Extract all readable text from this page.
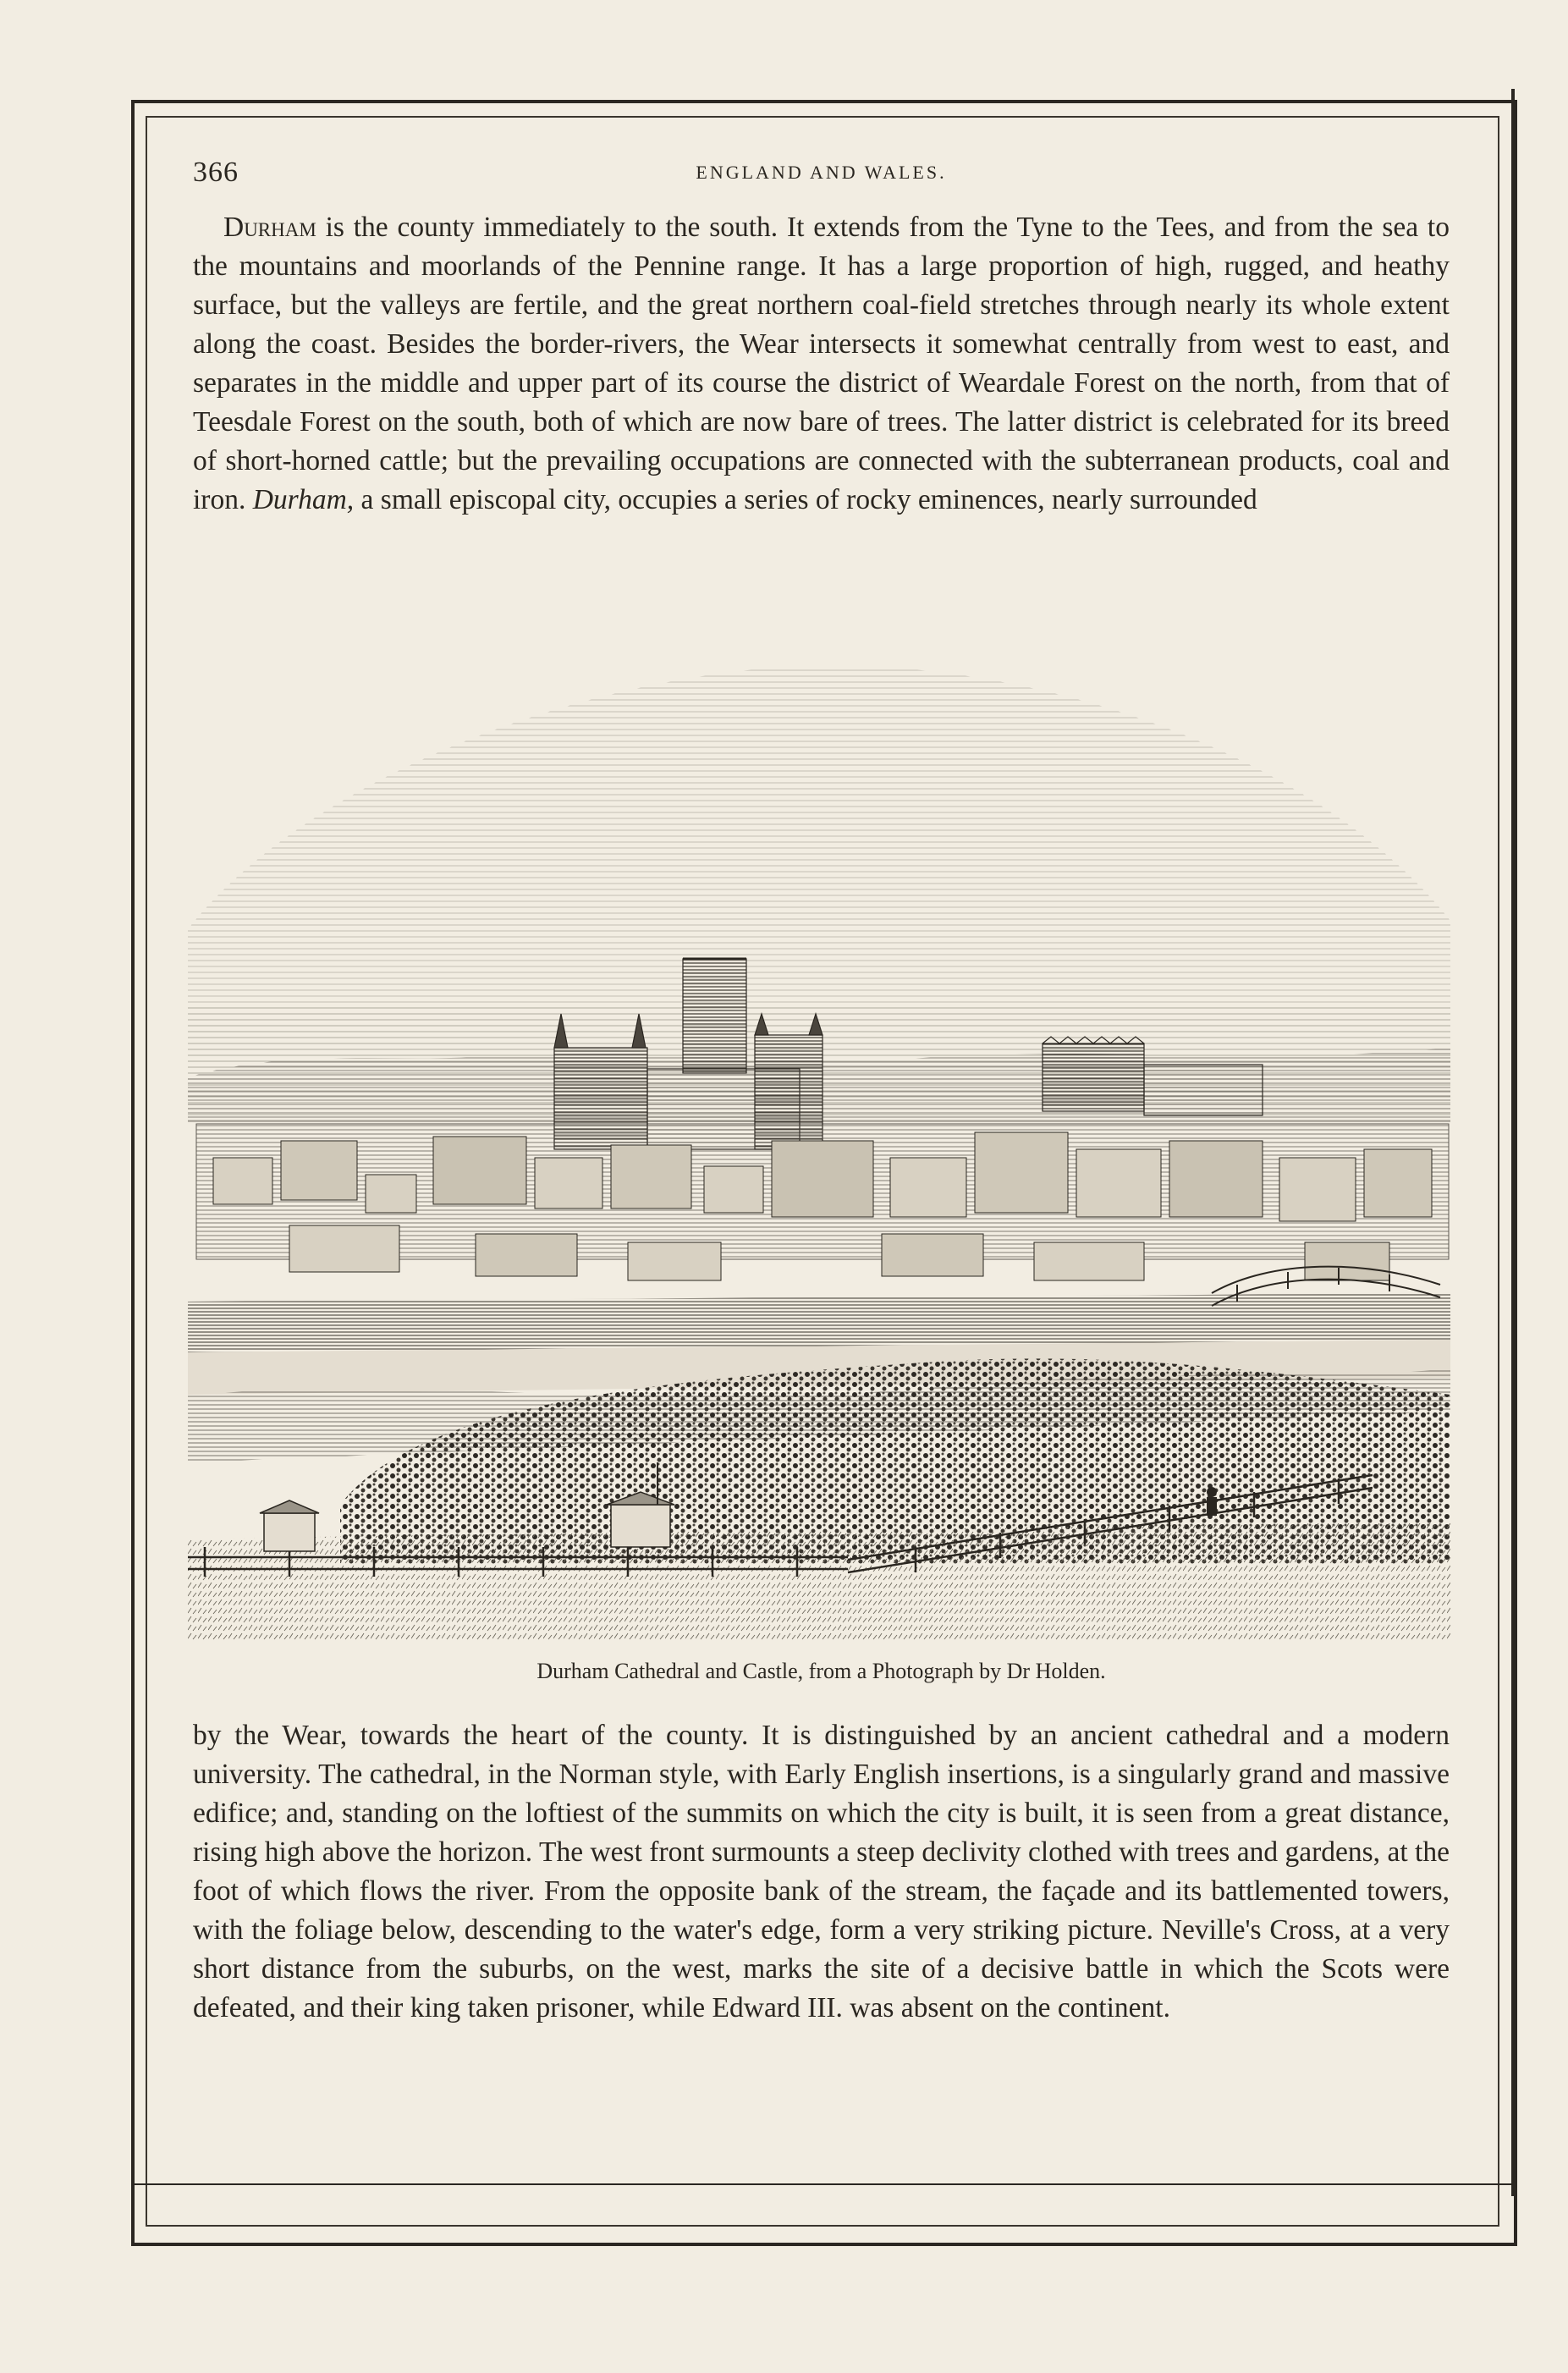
366	ENGLAND AND WALES.

Durham is the county immediately to the south. It extends from the Tyne to the Tees, and from the sea to the mountains and moorlands of the Pennine range. It has a large proportion of high, rugged, and heathy surface, but the valleys are fertile, and the great northern coal-field stretches through nearly its whole extent along the coast. Besides the border-rivers, the Wear intersects it somewhat centrally from west to east, and separates in the middle and upper part of its course the district of Weardale Forest on the north, from that of Teesdale Forest on the south, both of which are now bare of trees. The latter district is celebrated for its breed of short-horned cattle; but the prevailing occupations are connected with the subterranean products, coal and iron. Durham, a small episcopal city, occupies a series of rocky eminences, nearly surrounded

Durham Cathedral and Castle, from a Photograph by Dr Holden.

by the Wear, towards the heart of the county. It is distinguished by an ancient cathedral and a modern university. The cathedral, in the Norman style, with Early English insertions, is a singularly grand and massive edifice; and, standing on the loftiest of the summits on which the city is built, it is seen from a great distance, rising high above the horizon. The west front surmounts a steep declivity clothed with trees and gardens, at the foot of which flows the river. From the opposite bank of the stream, the façade and its battlemented towers, with the foliage below, descending to the water's edge, form a very striking picture. Neville's Cross, at a very short distance from the suburbs, on the west, marks the site of a decisive battle in which the Scots were defeated, and their king taken prisoner, while Edward III. was absent on the continent.
